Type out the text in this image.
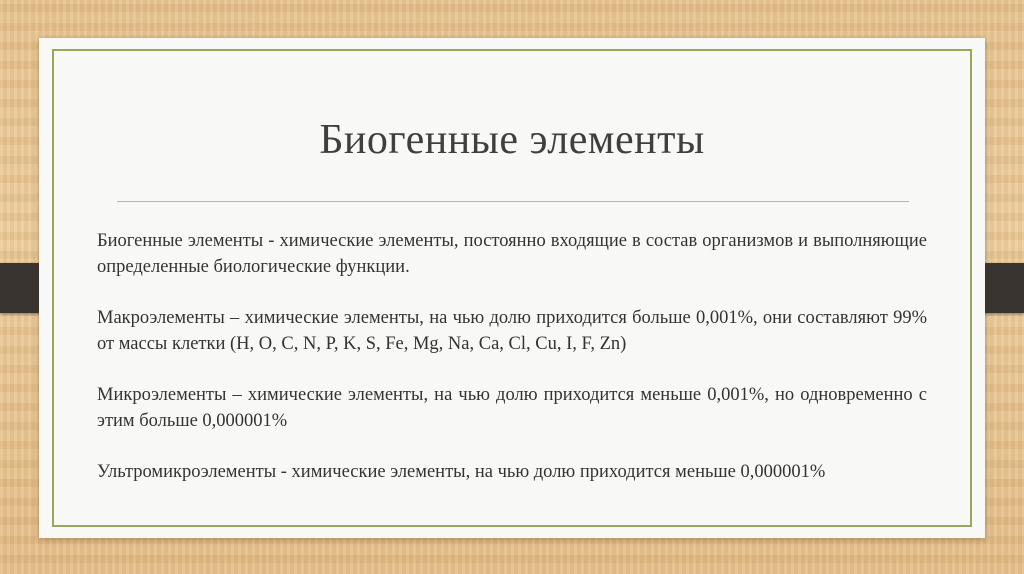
Биогенные элементы

Биогенные элементы - химические элементы, постоянно входящие в состав организмов и выполняющие определенные биологические функции.

Макроэлементы – химические элементы, на чью долю приходится больше 0,001%, они составляют 99% от массы клетки (H, O, C, N, P, K, S, Fe, Mg, Na, Ca, Cl, Cu, I, F, Zn)

Микроэлементы – химические элементы, на чью долю приходится меньше 0,001%, но одновременно с этим больше 0,000001%

Ультромикроэлементы - химические элементы, на чью долю приходится меньше 0,000001%
